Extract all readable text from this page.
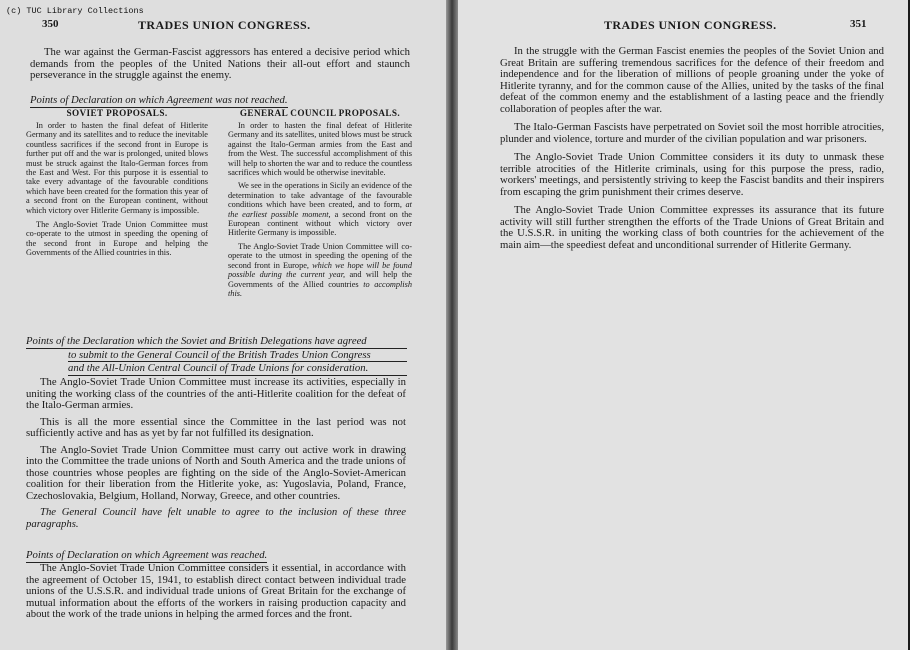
(c) TUC Library Collections
350	TRADES UNION CONGRESS.

The war against the German-Fascist aggressors has entered a decisive period which demands from the peoples of the United Nations their all-out effort and staunch perseverance in the struggle against the enemy.

Points of Declaration on which Agreement was not reached.
SOVIET PROPOSALS.

In order to hasten the final defeat of Hitlerite Germany and its satellites and to reduce the inevitable countless sacrifices if the second front in Europe is further put off and the war is prolonged, united blows must be struck against the Italo-German forces from the East and West. For this purpose it is essential to take every advantage of the favourable conditions which have been created for the formation this year of a second front on the European continent, without which victory over Hitlerite Germany is impossible.

The Anglo-Soviet Trade Union Committee must co-operate to the utmost in speeding the opening of the second front in Europe and helping the Governments of the Allied countries in this.

GENERAL COUNCIL PROPOSALS.

In order to hasten the final defeat of Hitlerite Germany and its satellites, united blows must be struck against the Italo-German armies from the East and from the West. The successful accomplishment of this will help to shorten the war and to reduce the countless sacrifices which would be otherwise inevitable.

We see in the operations in Sicily an evidence of the determination to take advantage of the favourable conditions which have been created, and to form, at the earliest possible moment, a second front on the European continent without which victory over Hitlerite Germany is impossible.

The Anglo-Soviet Trade Union Committee will co-operate to the utmost in speeding the opening of the second front in Europe, which we hope will be found possible during the current year, and will help the Governments of the Allied countries to accomplish this.

Points of the Declaration which the Soviet and British Delegations have agreed
to submit to the General Council of the British Trades Union Congress
and the All-Union Central Council of Trade Unions for consideration.

The Anglo-Soviet Trade Union Committee must increase its activities, especially in uniting the working class of the countries of the anti-Hitlerite coalition for the defeat of the Italo-German armies.

This is all the more essential since the Committee in the last period was not sufficiently active and has as yet by far not fulfilled its designation.

The Anglo-Soviet Trade Union Committee must carry out active work in drawing into the Committee the trade unions of North and South America and the trade unions of those countries whose peoples are fighting on the side of the Anglo-Soviet-American coalition for their liberation from the Hitlerite yoke, as: Yugoslavia, Poland, France, Czechoslovakia, Belgium, Holland, Norway, Greece, and other countries.

The General Council have felt unable to agree to the inclusion of these three paragraphs.

Points of Declaration on which Agreement was reached.

The Anglo-Soviet Trade Union Committee considers it essential, in accordance with the agreement of October 15, 1941, to establish direct contact between individual trade unions of the U.S.S.R. and individual trade unions of Great Britain for the exchange of mutual information about the efforts of the workers in raising production capacity and about the work of the trade unions in helping the armed forces and the front.

TRADES UNION CONGRESS.	351

In the struggle with the German Fascist enemies the peoples of the Soviet Union and Great Britain are suffering tremendous sacrifices for the defence of their freedom and independence and for the liberation of millions of people groaning under the yoke of Hitlerite tyranny, and for the common cause of the Allies, united by the tasks of the final defeat of the common enemy and the establishment of a lasting peace and the friendly collaboration of peoples after the war.

The Italo-German Fascists have perpetrated on Soviet soil the most horrible atrocities, plunder and violence, torture and murder of the civilian population and war prisoners.

The Anglo-Soviet Trade Union Committee considers it its duty to unmask these terrible atrocities of the Hitlerite criminals, using for this purpose the press, radio, workers' meetings, and persistently striving to keep the Fascist bandits and their inspirers from escaping the grim punishment their crimes deserve.

The Anglo-Soviet Trade Union Committee expresses its assurance that its future activity will still further strengthen the efforts of the Trade Unions of Great Britain and the U.S.S.R. in uniting the working class of both countries for the achievement of the main aim—the speediest defeat and unconditional surrender of Hitlerite Germany.
